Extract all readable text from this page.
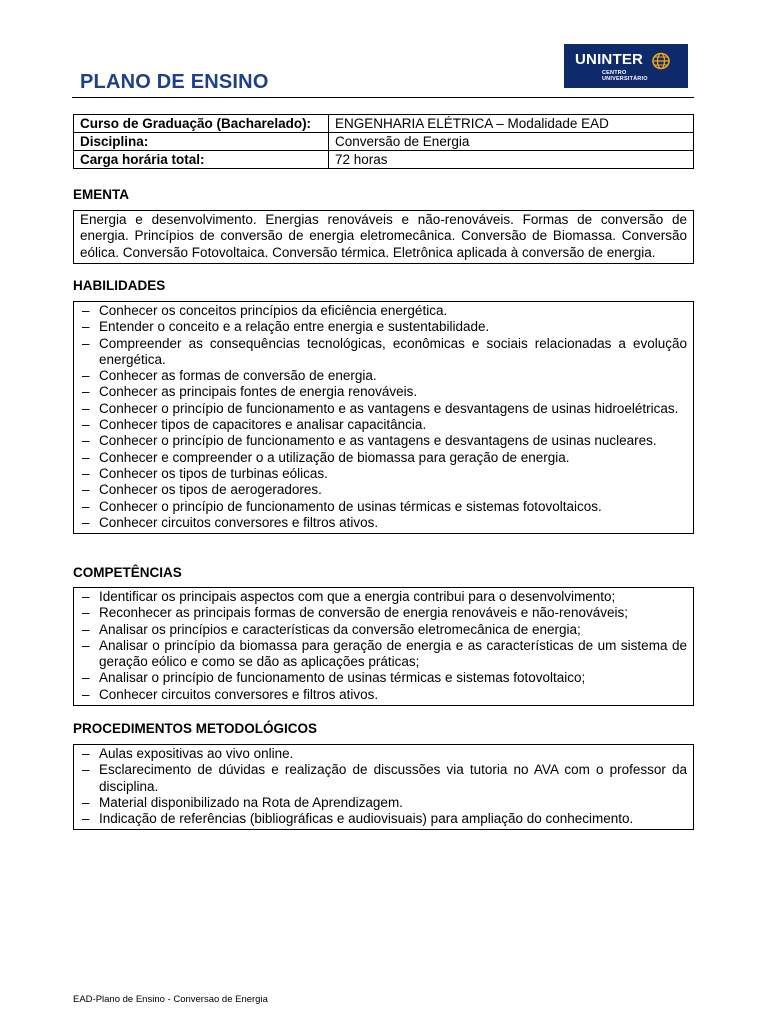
PLANO DE ENSINO
UNINTER
CENTRO
UNIVERSITÁRIO
Curso de Graduação (Bacharelado):	ENGENHARIA ELÉTRICA – Modalidade EAD
Disciplina:	Conversão de Energia
Carga horária total:	72 horas
EMENTA
Energia e desenvolvimento. Energias renováveis e não-renováveis. Formas de conversão de energia. Princípios de conversão de energia eletromecânica. Conversão de Biomassa. Conversão eólica. Conversão Fotovoltaica. Conversão térmica. Eletrônica aplicada à conversão de energia.
HABILIDADES
– Conhecer os conceitos princípios da eficiência energética.
– Entender o conceito e a relação entre energia e sustentabilidade.
– Compreender as consequências tecnológicas, econômicas e sociais relacionadas a evolução energética.
– Conhecer as formas de conversão de energia.
– Conhecer as principais fontes de energia renováveis.
– Conhecer o princípio de funcionamento e as vantagens e desvantagens de usinas hidroelétricas.
– Conhecer tipos de capacitores e analisar capacitância.
– Conhecer o princípio de funcionamento e as vantagens e desvantagens de usinas nucleares.
– Conhecer e compreender o a utilização de biomassa para geração de energia.
– Conhecer os tipos de turbinas eólicas.
– Conhecer os tipos de aerogeradores.
– Conhecer o princípio de funcionamento de usinas térmicas e sistemas fotovoltaicos.
– Conhecer circuitos conversores e filtros ativos.
COMPETÊNCIAS
– Identificar os principais aspectos com que a energia contribui para o desenvolvimento;
– Reconhecer as principais formas de conversão de energia renováveis e não-renováveis;
– Analisar os princípios e características da conversão eletromecânica de energia;
– Analisar o princípio da biomassa para geração de energia e as características de um sistema de geração eólico e como se dão as aplicações práticas;
– Analisar o princípio de funcionamento de usinas térmicas e sistemas fotovoltaico;
– Conhecer circuitos conversores e filtros ativos.
PROCEDIMENTOS METODOLÓGICOS
– Aulas expositivas ao vivo online.
– Esclarecimento de dúvidas e realização de discussões via tutoria no AVA com o professor da disciplina.
– Material disponibilizado na Rota de Aprendizagem.
– Indicação de referências (bibliográficas e audiovisuais) para ampliação do conhecimento.
EAD-Plano de Ensino - Conversao de Energia
